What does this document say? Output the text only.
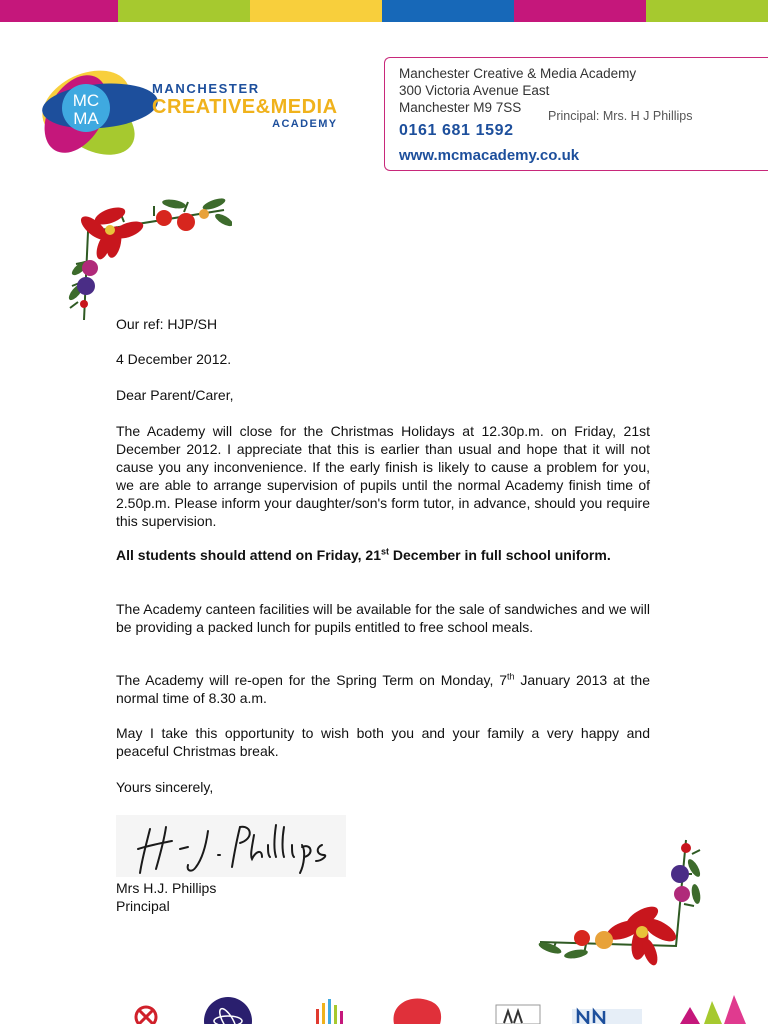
MC
MA
MANCHESTER
CREATIVE&MEDIA
ACADEMY
Manchester Creative & Media Academy
300 Victoria Avenue East
Manchester M9 7SS
Principal: Mrs. H J Phillips
0161 681 1592
www.mcmacademy.co.uk
Our ref: HJP/SH
4 December 2012.
Dear Parent/Carer,
The Academy will close for the Christmas Holidays at 12.30p.m. on Friday, 21st December 2012. I appreciate that this is earlier than usual and hope that it will not cause you any inconvenience. If the early finish is likely to cause a problem for you, we are able to arrange supervision of pupils until the normal Academy finish time of 2.50p.m. Please inform your daughter/son's form tutor, in advance, should you require this supervision.
All students should attend on Friday, 21st December in full school uniform.
The Academy canteen facilities will be available for the sale of sandwiches and we will be providing a packed lunch for pupils entitled to free school meals.
The Academy will re-open for the Spring Term on Monday, 7th January 2013 at the normal time of 8.30 a.m.
May I take this opportunity to wish both you and your family a very happy and peaceful Christmas break.
Yours sincerely,
Mrs H.J. Phillips
Principal
